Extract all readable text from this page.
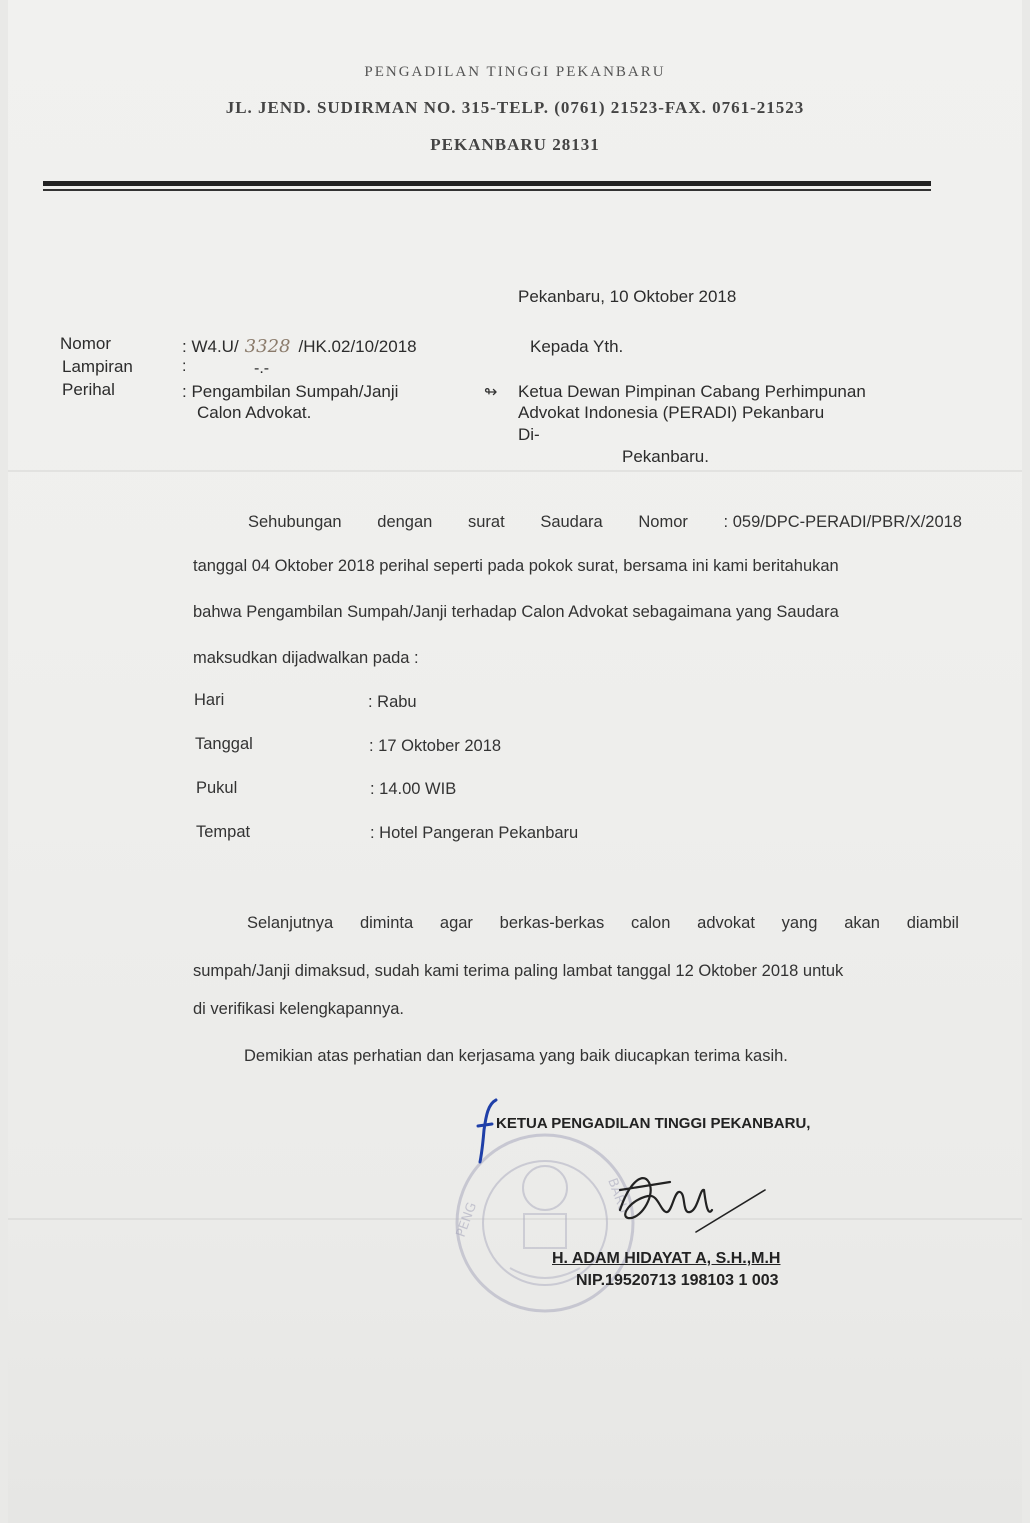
PENGADILAN TINGGI PEKANBARU
JL. JEND. SUDIRMAN NO. 315-TELP. (0761) 21523-FAX. 0761-21523
PEKANBARU 28131
Pekanbaru, 10 Oktober 2018
Nomor	: W4.U/ 3328 /HK.02/10/2018
Lampiran	:	-.-
Perihal	: Pengambilan Sumpah/Janji
Calon Advokat.
Kepada Yth.
↬ Ketua Dewan Pimpinan Cabang Perhimpunan
Advokat Indonesia (PERADI) Pekanbaru
Di-
Pekanbaru.
Sehubungan dengan surat Saudara Nomor : 059/DPC-PERADI/PBR/X/2018
tanggal 04 Oktober 2018 perihal seperti pada pokok surat, bersama ini kami beritahukan
bahwa Pengambilan Sumpah/Janji terhadap Calon Advokat sebagaimana yang Saudara
maksudkan dijadwalkan pada :
Hari	: Rabu
Tanggal	: 17 Oktober 2018
Pukul	: 14.00 WIB
Tempat	: Hotel Pangeran Pekanbaru
Selanjutnya diminta agar berkas-berkas calon advokat yang akan diambil
sumpah/Janji dimaksud, sudah kami terima paling lambat tanggal 12 Oktober 2018 untuk
di verifikasi kelengkapannya.
Demikian atas perhatian dan kerjasama yang baik diucapkan terima kasih.
PENG
BARU
KETUA PENGADILAN TINGGI PEKANBARU,
H. ADAM HIDAYAT A, S.H.,M.H
NIP.19520713 198103 1 003
